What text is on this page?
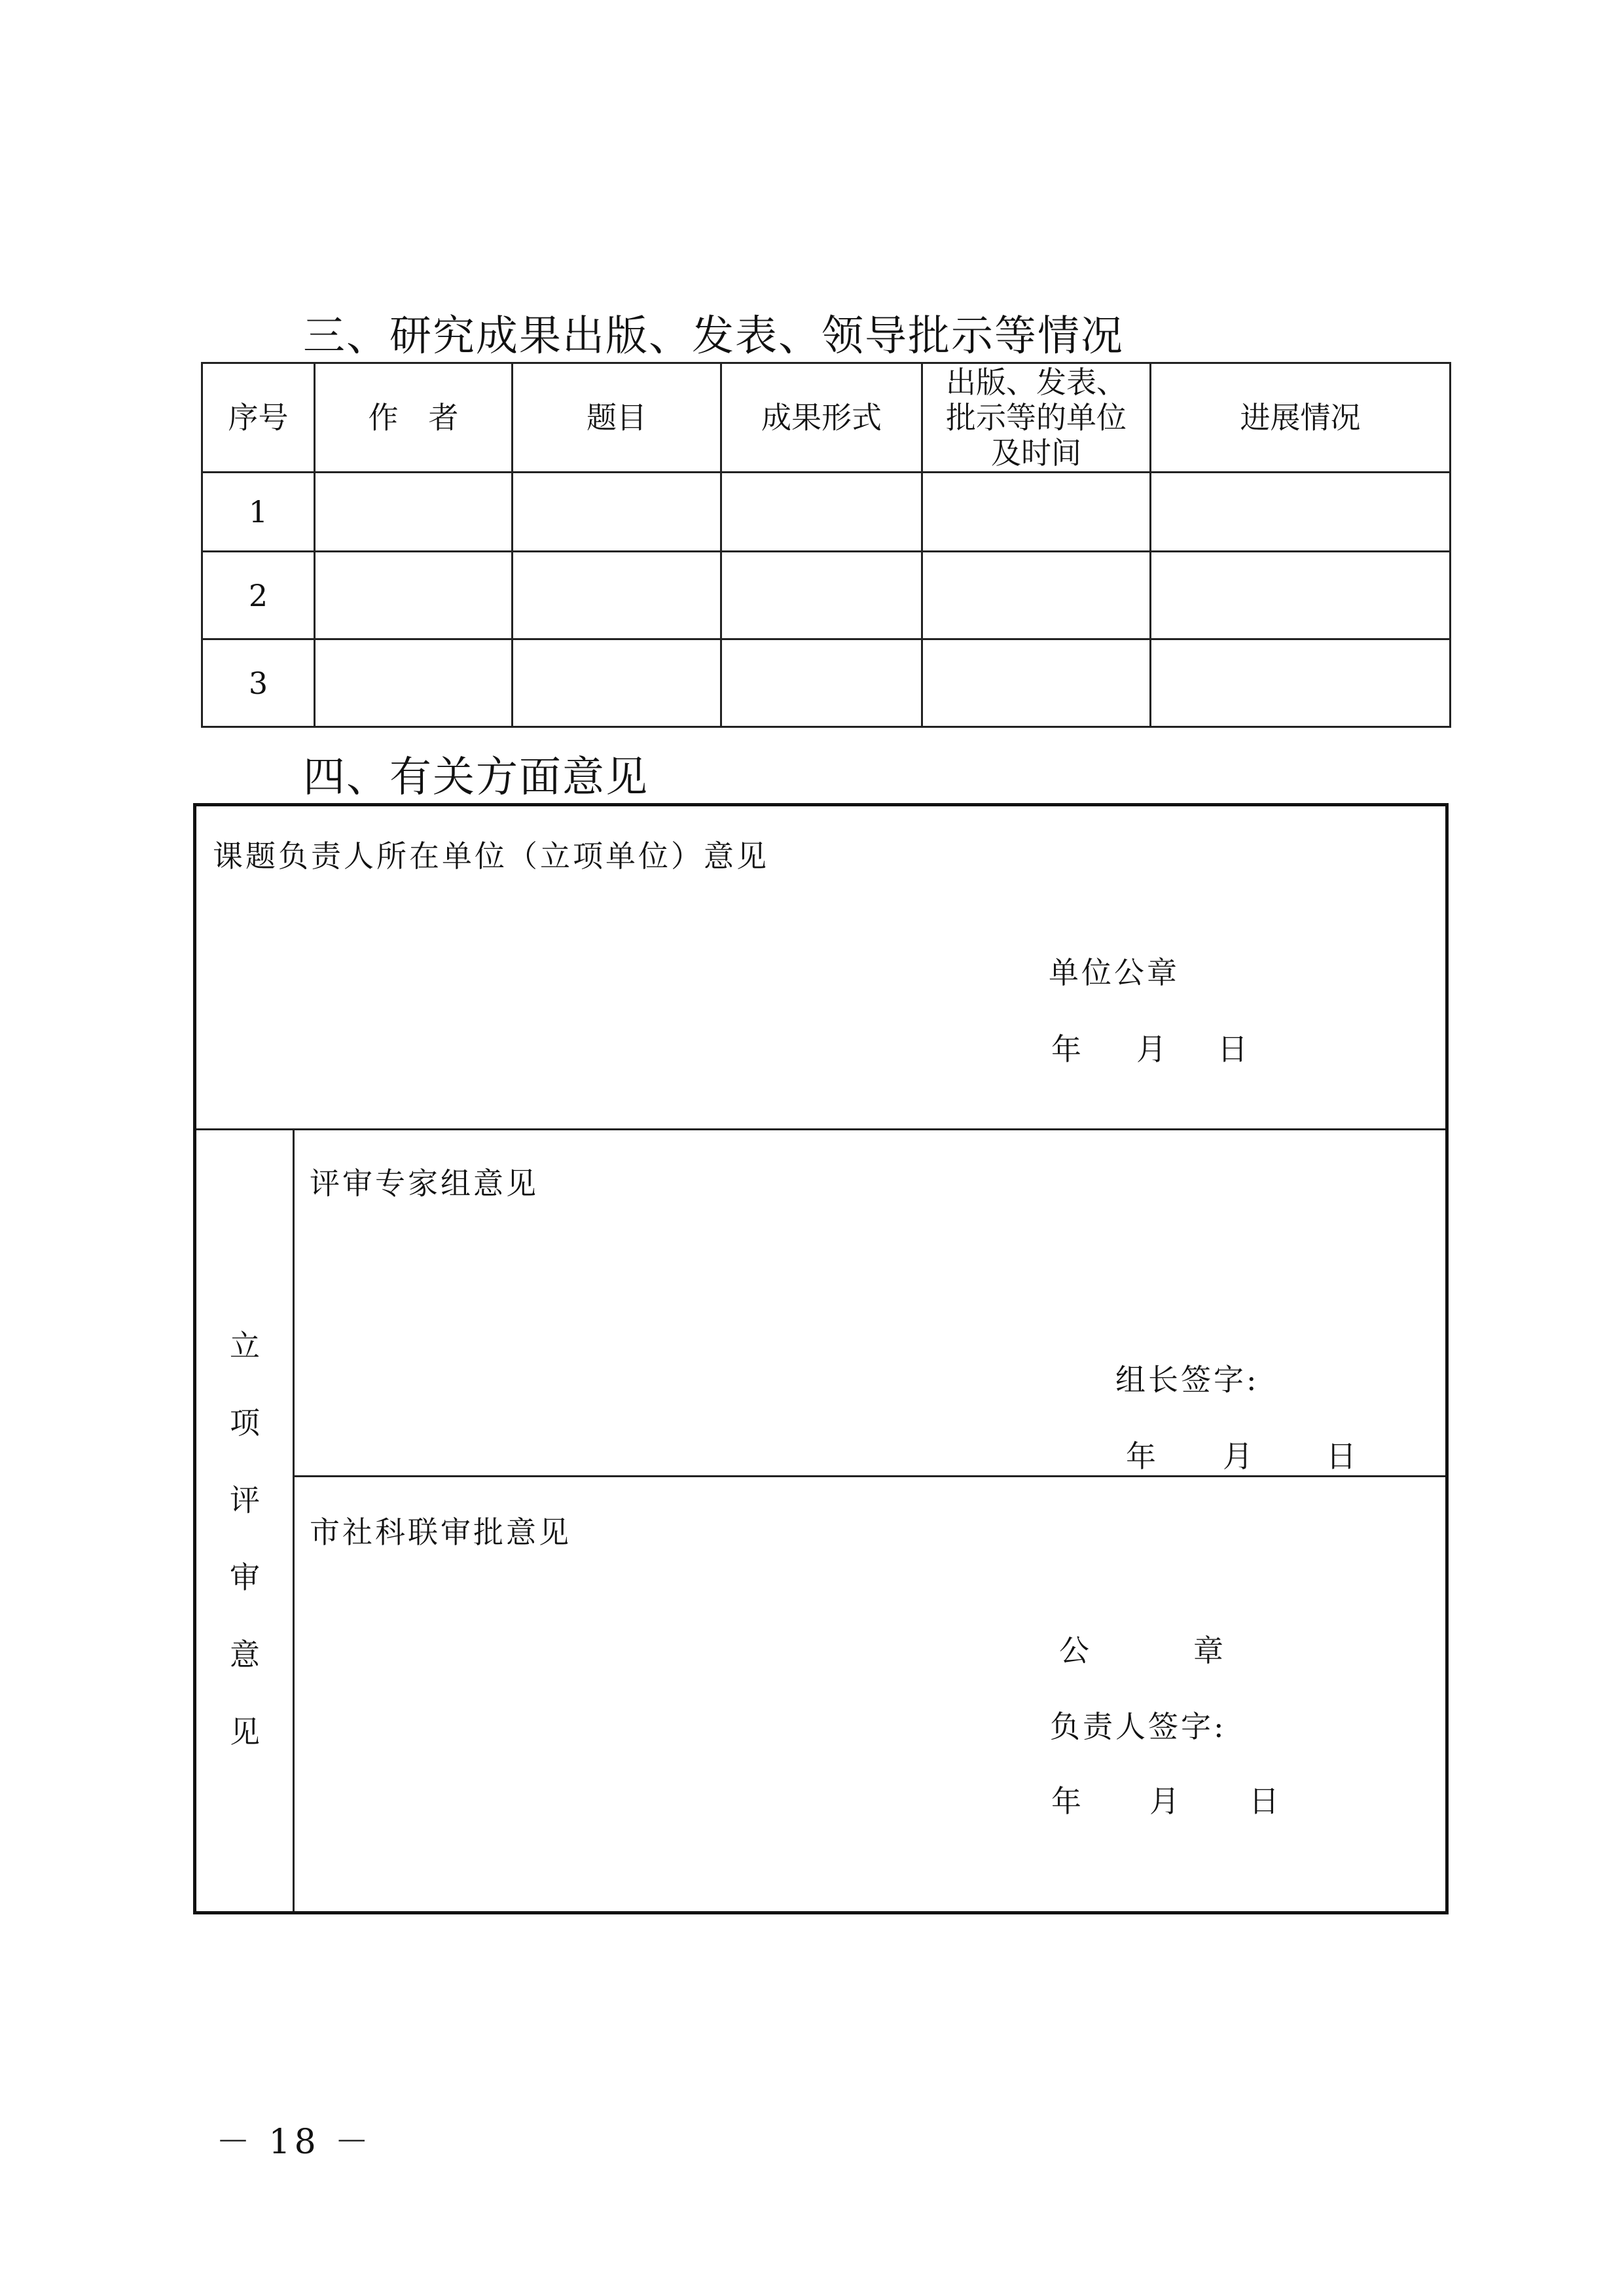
三、研究成果出版、发表、领导批示等情况
序号	作　者	题目	成果形式	出版、发表、批示等的单位及时间	进展情况
1					
2					
3					
四、有关方面意见
课题负责人所在单位（立项单位）意见
单位公章
年 月 日
立
项
评
审
意
见
评审专家组意见
组长签字:
年 月 日
市社科联审批意见
公	章
负责人签字:
年 月 日
－ 18 －
